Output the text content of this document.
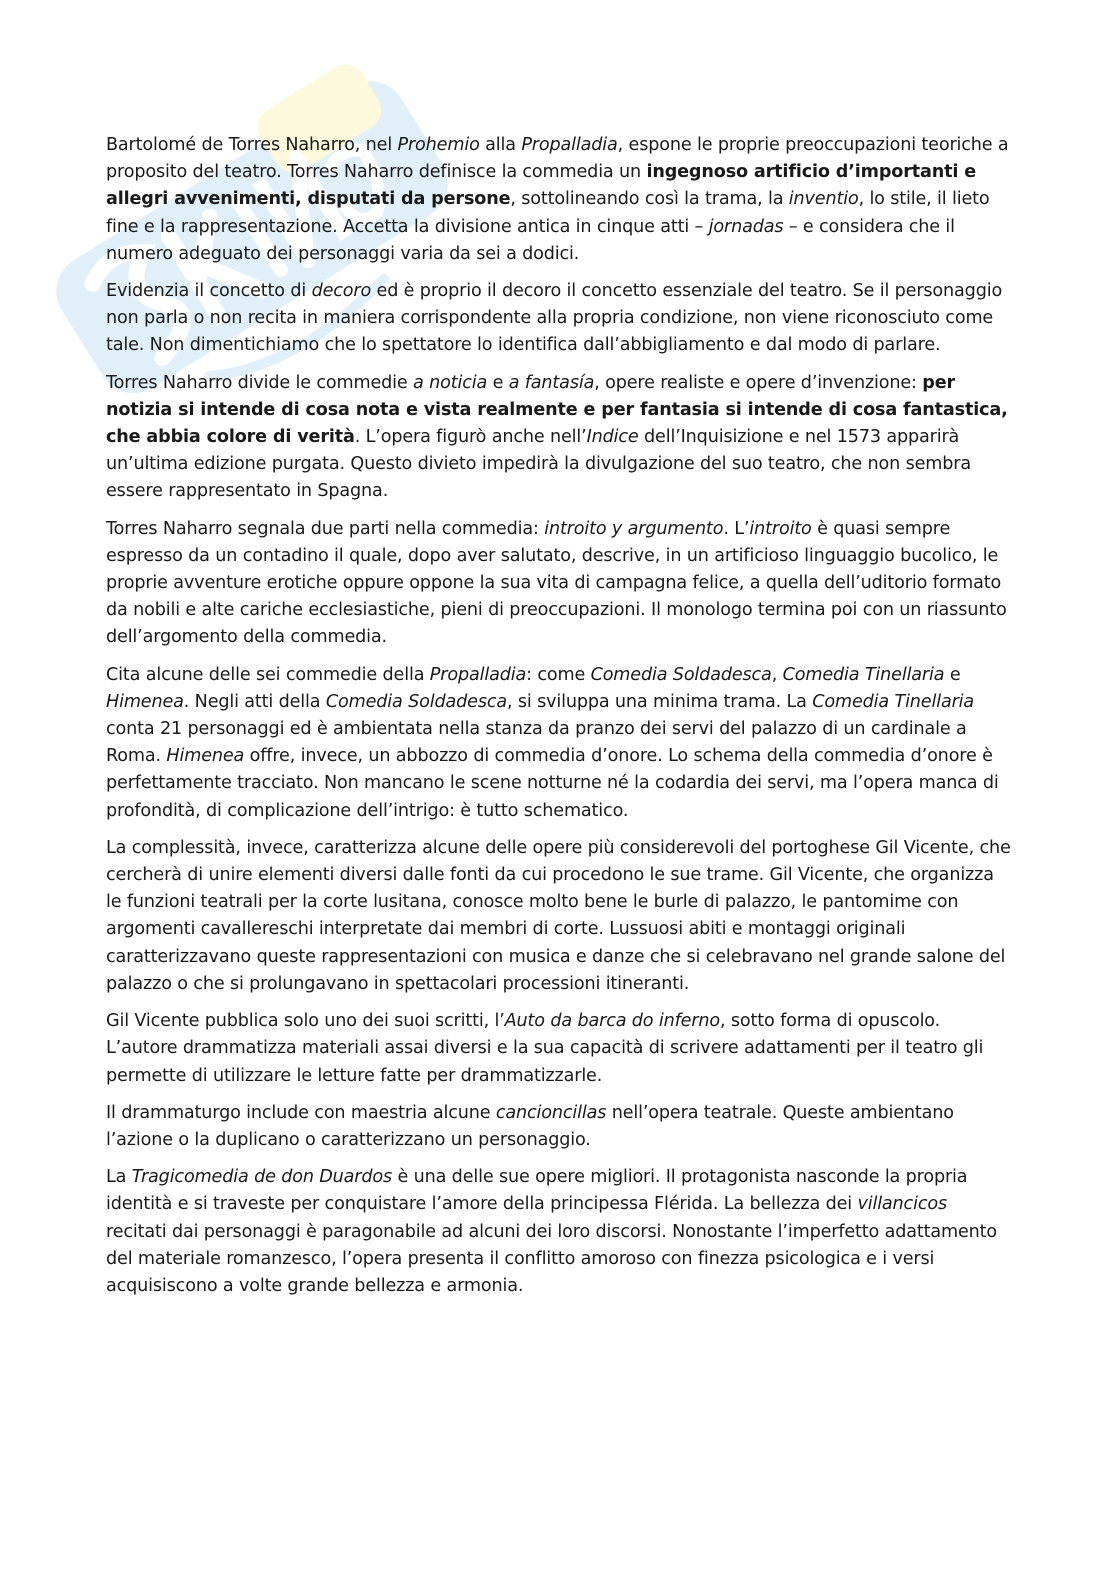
Bartolomé de Torres Naharro, nel Prohemio alla Propalladia, espone le proprie preoccupazioni teoriche a proposito del teatro. Torres Naharro definisce la commedia un ingegnoso artificio d’importanti e allegri avvenimenti, disputati da persone, sottolineando così la trama, la inventio, lo stile, il lieto fine e la rappresentazione. Accetta la divisione antica in cinque atti – jornadas – e considera che il numero adeguato dei personaggi varia da sei a dodici.

Evidenzia il concetto di decoro ed è proprio il decoro il concetto essenziale del teatro. Se il personaggio non parla o non recita in maniera corrispondente alla propria condizione, non viene riconosciuto come tale. Non dimentichiamo che lo spettatore lo identifica dall’abbigliamento e dal modo di parlare.

Torres Naharro divide le commedie a noticia e a fantasía, opere realiste e opere d’invenzione: per notizia si intende di cosa nota e vista realmente e per fantasia si intende di cosa fantastica, che abbia colore di verità. L’opera figurò anche nell’Indice dell’Inquisizione e nel 1573 apparirà un’ultima edizione purgata. Questo divieto impedirà la divulgazione del suo teatro, che non sembra essere rappresentato in Spagna.

Torres Naharro segnala due parti nella commedia: introito y argumento. L’introito è quasi sempre espresso da un contadino il quale, dopo aver salutato, descrive, in un artificioso linguaggio bucolico, le proprie avventure erotiche oppure oppone la sua vita di campagna felice, a quella dell’uditorio formato da nobili e alte cariche ecclesiastiche, pieni di preoccupazioni. Il monologo termina poi con un riassunto dell’argomento della commedia.

Cita alcune delle sei commedie della Propalladia: come Comedia Soldadesca, Comedia Tinellaria e Himenea. Negli atti della Comedia Soldadesca, si sviluppa una minima trama. La Comedia Tinellaria conta 21 personaggi ed è ambientata nella stanza da pranzo dei servi del palazzo di un cardinale a Roma. Himenea offre, invece, un abbozzo di commedia d’onore. Lo schema della commedia d’onore è perfettamente tracciato. Non mancano le scene notturne né la codardia dei servi, ma l’opera manca di profondità, di complicazione dell’intrigo: è tutto schematico.

La complessità, invece, caratterizza alcune delle opere più considerevoli del portoghese Gil Vicente, che cercherà di unire elementi diversi dalle fonti da cui procedono le sue trame. Gil Vicente, che organizza le funzioni teatrali per la corte lusitana, conosce molto bene le burle di palazzo, le pantomime con argomenti cavallereschi interpretate dai membri di corte. Lussuosi abiti e montaggi originali caratterizzavano queste rappresentazioni con musica e danze che si celebravano nel grande salone del palazzo o che si prolungavano in spettacolari processioni itineranti.

Gil Vicente pubblica solo uno dei suoi scritti, l’Auto da barca do inferno, sotto forma di opuscolo. L’autore drammatizza materiali assai diversi e la sua capacità di scrivere adattamenti per il teatro gli permette di utilizzare le letture fatte per drammatizzarle.

Il drammaturgo include con maestria alcune cancioncillas nell’opera teatrale. Queste ambientano l’azione o la duplicano o caratterizzano un personaggio.

La Tragicomedia de don Duardos è una delle sue opere migliori. Il protagonista nasconde la propria identità e si traveste per conquistare l’amore della principessa Flérida. La bellezza dei villancicos recitati dai personaggi è paragonabile ad alcuni dei loro discorsi. Nonostante l’imperfetto adattamento del materiale romanzesco, l’opera presenta il conflitto amoroso con finezza psicologica e i versi acquisiscono a volte grande bellezza e armonia.
